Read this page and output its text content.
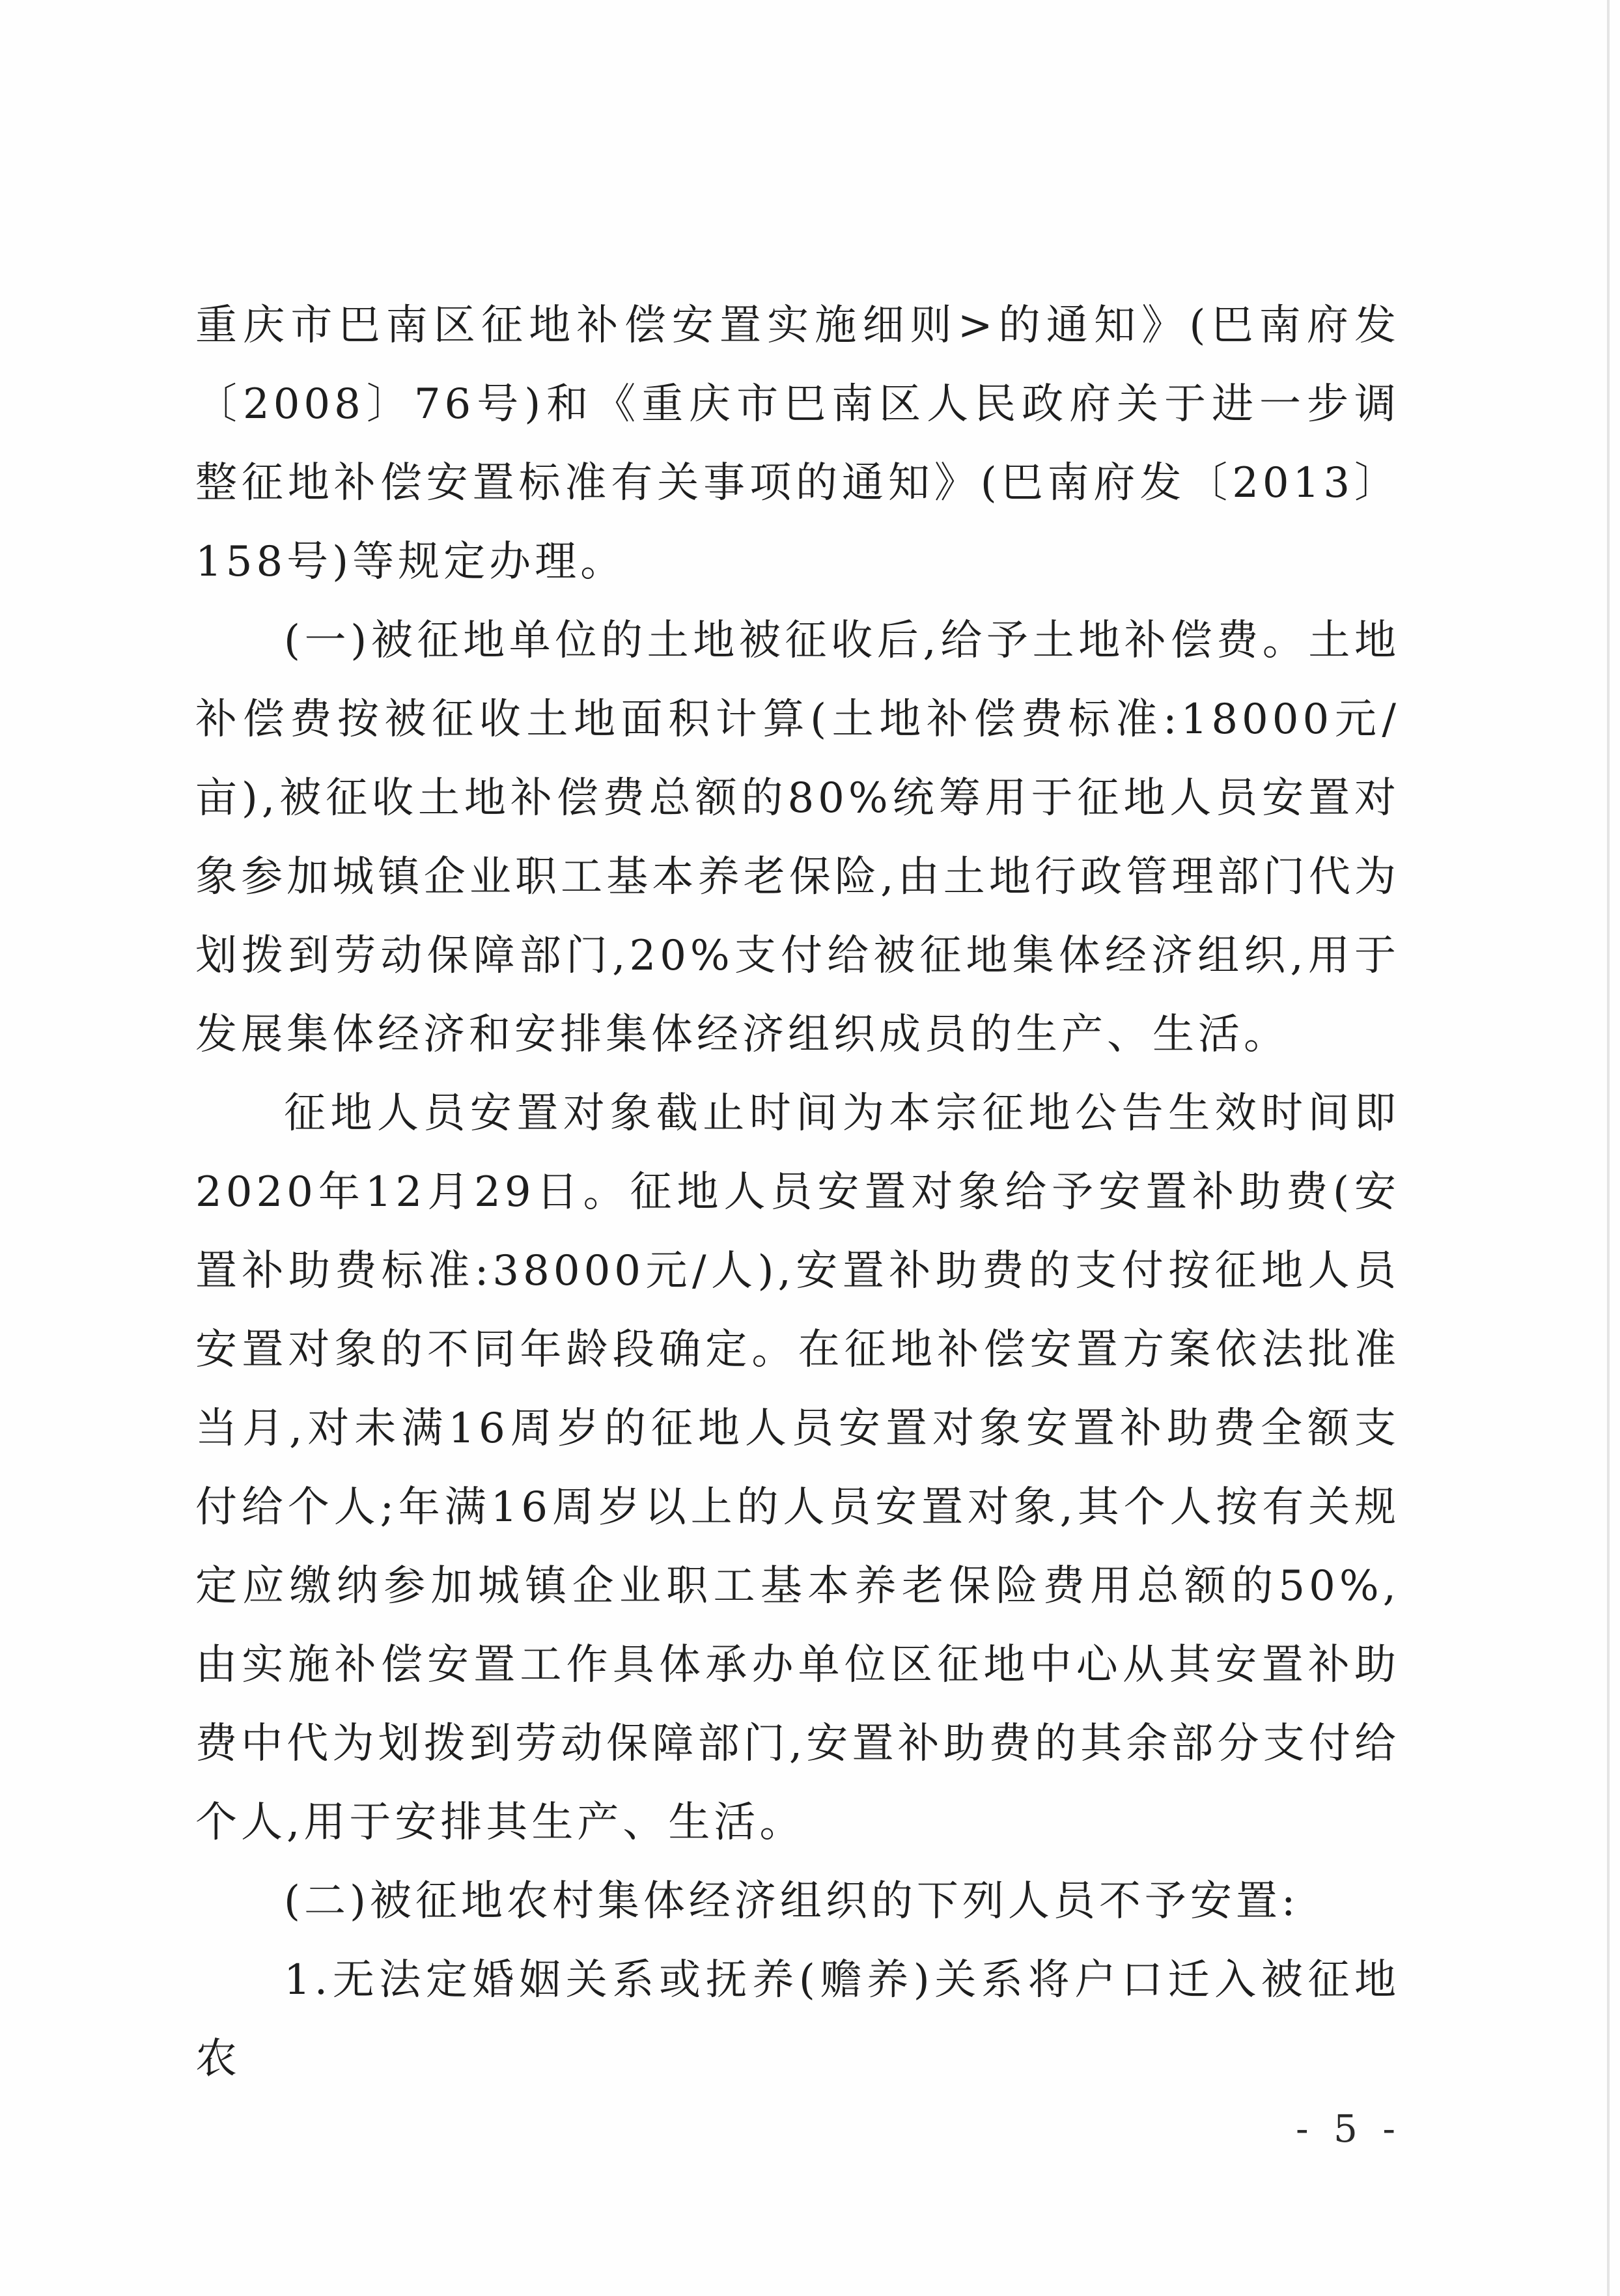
重庆市巴南区征地补偿安置实施细则>的通知》(巴南府发〔2008〕76号)和《重庆市巴南区人民政府关于进一步调整征地补偿安置标准有关事项的通知》(巴南府发〔2013〕158号)等规定办理。

(一)被征地单位的土地被征收后,给予土地补偿费。土地补偿费按被征收土地面积计算(土地补偿费标准:18000元/亩),被征收土地补偿费总额的80%统筹用于征地人员安置对象参加城镇企业职工基本养老保险,由土地行政管理部门代为划拨到劳动保障部门,20%支付给被征地集体经济组织,用于发展集体经济和安排集体经济组织成员的生产、生活。

征地人员安置对象截止时间为本宗征地公告生效时间即2020年12月29日。征地人员安置对象给予安置补助费(安置补助费标准:38000元/人),安置补助费的支付按征地人员安置对象的不同年龄段确定。在征地补偿安置方案依法批准当月,对未满16周岁的征地人员安置对象安置补助费全额支付给个人;年满16周岁以上的人员安置对象,其个人按有关规定应缴纳参加城镇企业职工基本养老保险费用总额的50%,由实施补偿安置工作具体承办单位区征地中心从其安置补助费中代为划拨到劳动保障部门,安置补助费的其余部分支付给个人,用于安排其生产、生活。

(二)被征地农村集体经济组织的下列人员不予安置:

1.无法定婚姻关系或抚养(赡养)关系将户口迁入被征地农

- 5 -
